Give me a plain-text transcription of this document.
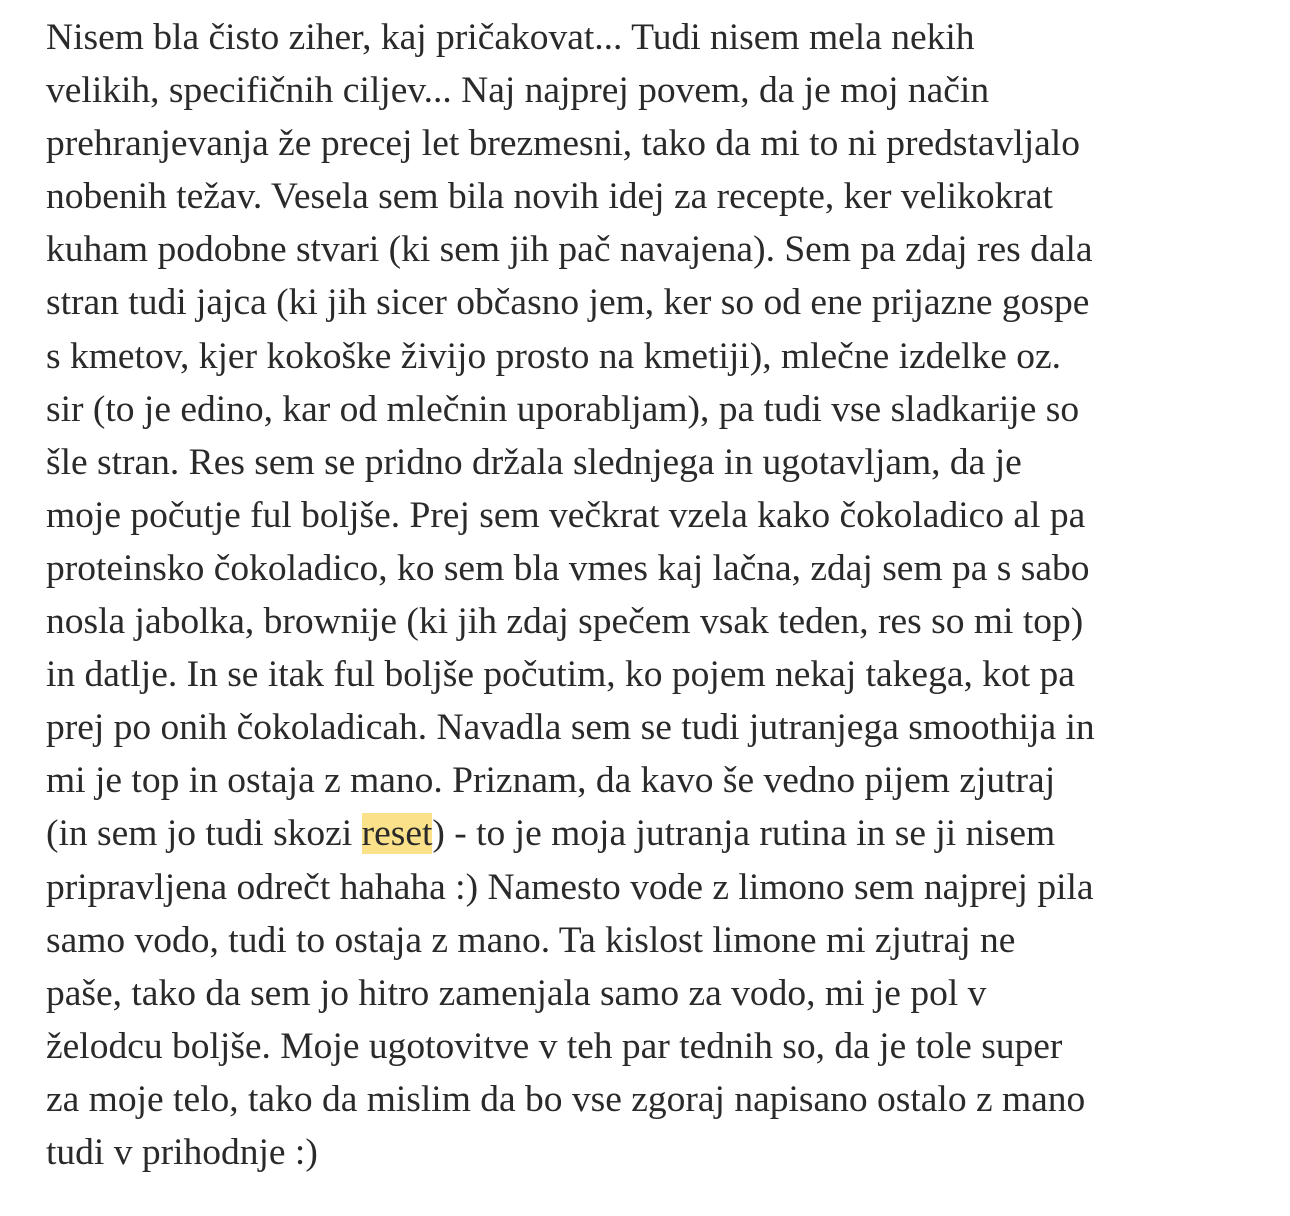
Nisem bla čisto ziher, kaj pričakovat... Tudi nisem mela nekih
velikih, specifičnih ciljev... Naj najprej povem, da je moj način
prehranjevanja že precej let brezmesni, tako da mi to ni predstavljalo
nobenih težav. Vesela sem bila novih idej za recepte, ker velikokrat
kuham podobne stvari (ki sem jih pač navajena). Sem pa zdaj res dala
stran tudi jajca (ki jih sicer občasno jem, ker so od ene prijazne gospe
s kmetov, kjer kokoške živijo prosto na kmetiji), mlečne izdelke oz.
sir (to je edino, kar od mlečnin uporabljam), pa tudi vse sladkarije so
šle stran. Res sem se pridno držala slednjega in ugotavljam, da je
moje počutje ful boljše. Prej sem večkrat vzela kako čokoladico al pa
proteinsko čokoladico, ko sem bla vmes kaj lačna, zdaj sem pa s sabo
nosla jabolka, brownije (ki jih zdaj spečem vsak teden, res so mi top)
in datlje. In se itak ful boljše počutim, ko pojem nekaj takega, kot pa
prej po onih čokoladicah. Navadla sem se tudi jutranjega smoothija in
mi je top in ostaja z mano. Priznam, da kavo še vedno pijem zjutraj
(in sem jo tudi skozi reset) - to je moja jutranja rutina in se ji nisem
pripravljena odrečt hahaha :) Namesto vode z limono sem najprej pila
samo vodo, tudi to ostaja z mano. Ta kislost limone mi zjutraj ne
paše, tako da sem jo hitro zamenjala samo za vodo, mi je pol v
želodcu boljše. Moje ugotovitve v teh par tednih so, da je tole super
za moje telo, tako da mislim da bo vse zgoraj napisano ostalo z mano
tudi v prihodnje :)
